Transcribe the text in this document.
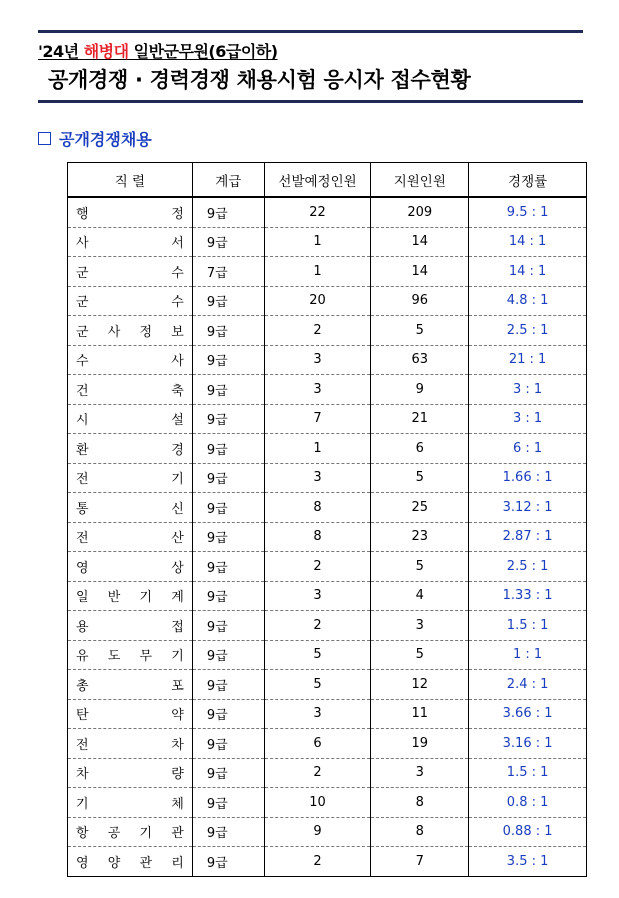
'24년 해병대 일반군무원(6급이하)
공개경쟁 · 경력경쟁 채용시험 응시자 접수현황
공개경쟁채용
직 렬	계급	선발예정인원	지원인원	경쟁률

행 정	9급	22	209	9.5 : 1

사 서	9급	1	14	14 : 1

군 수	7급	1	14	14 : 1

군 수	9급	20	96	4.8 : 1

군 사 정 보	9급	2	5	2.5 : 1

수 사	9급	3	63	21 : 1

건 축	9급	3	9	3 : 1

시 설	9급	7	21	3 : 1

환 경	9급	1	6	6 : 1

전 기	9급	3	5	1.66 : 1

통 신	9급	8	25	3.12 : 1

전 산	9급	8	23	2.87 : 1

영 상	9급	2	5	2.5 : 1

일 반 기 계	9급	3	4	1.33 : 1

용 접	9급	2	3	1.5 : 1

유 도 무 기	9급	5	5	1 : 1

총 포	9급	5	12	2.4 : 1

탄 약	9급	3	11	3.66 : 1

전 차	9급	6	19	3.16 : 1

차 량	9급	2	3	1.5 : 1

기 체	9급	10	8	0.8 : 1

항 공 기 관	9급	9	8	0.88 : 1

영 양 관 리	9급	2	7	3.5 : 1
